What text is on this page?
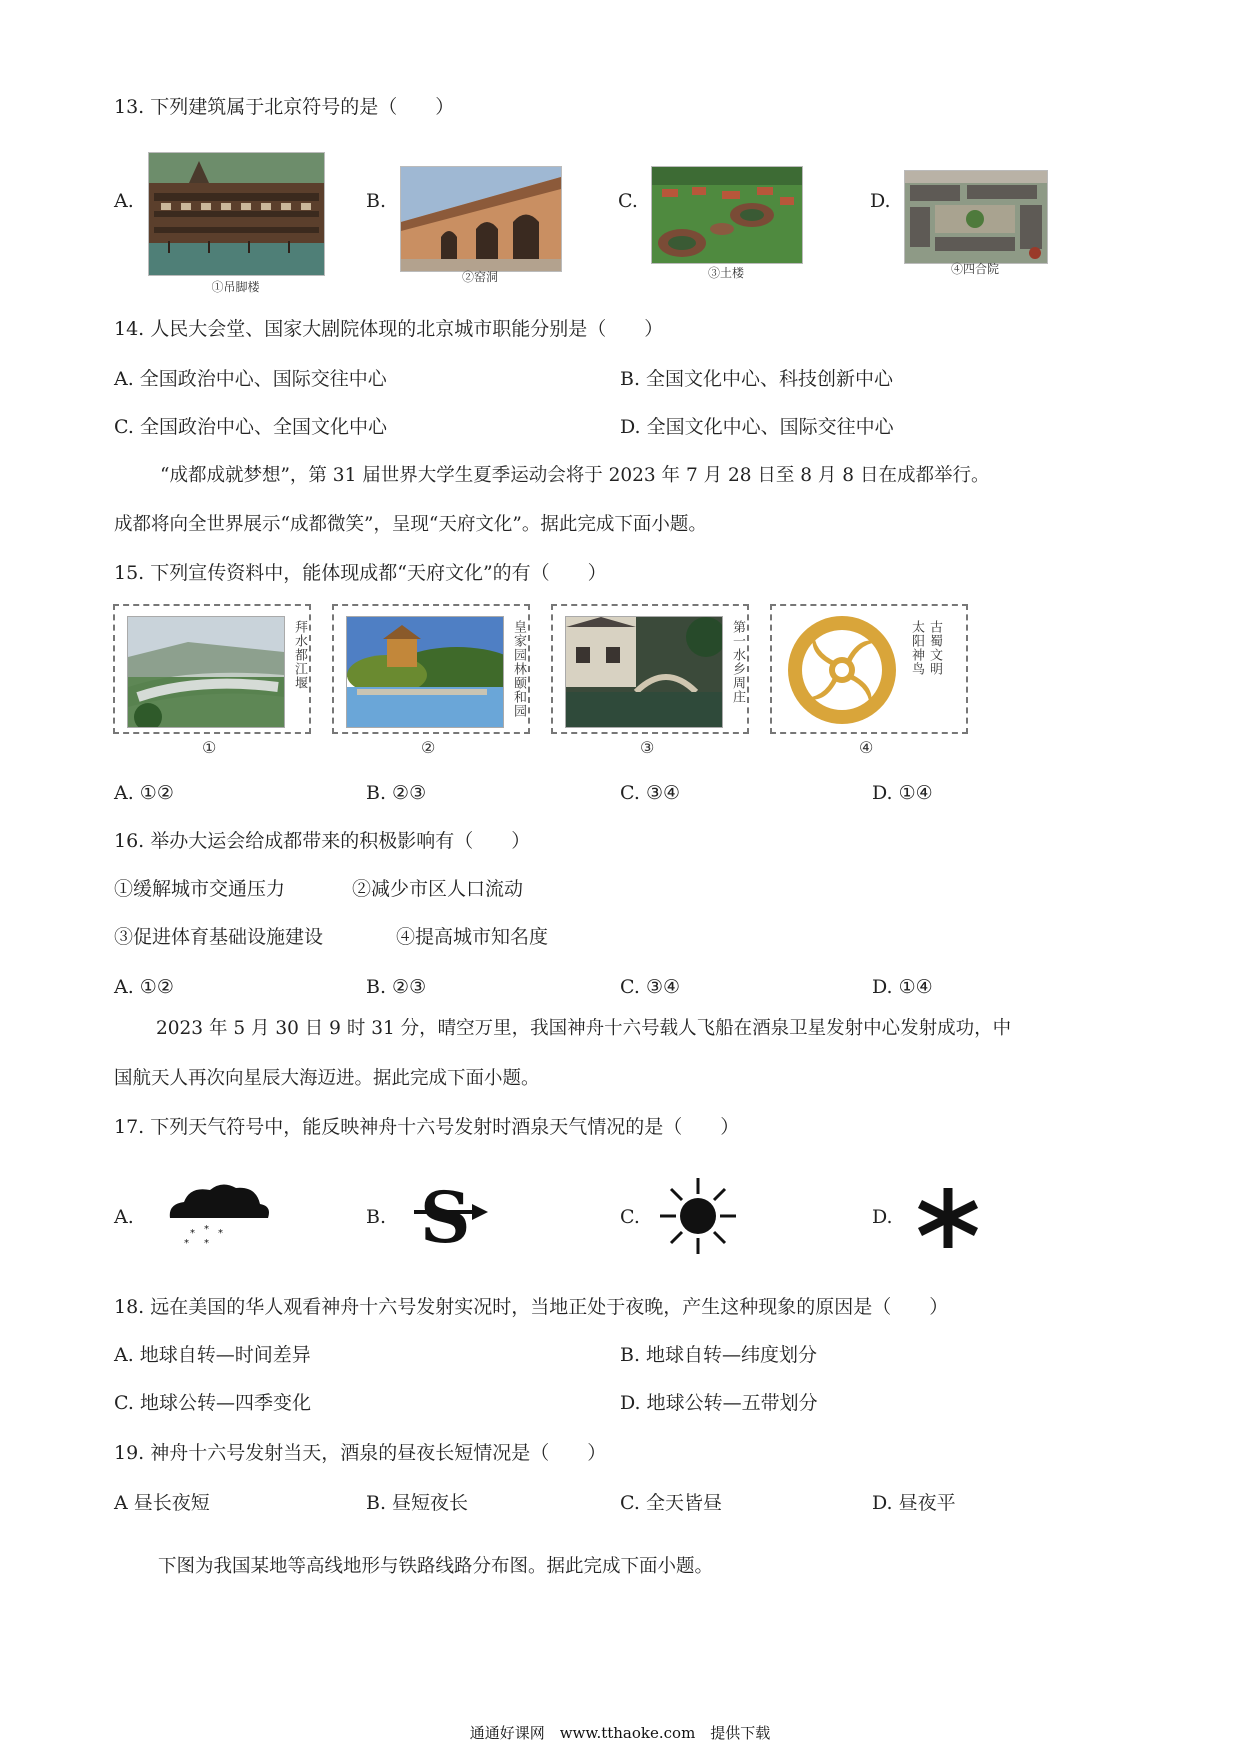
13. 下列建筑属于北京符号的是（　　）
A.
①吊脚楼
B.
②窑洞
C.
③土楼
D.
④四合院
14. 人民大会堂、国家大剧院体现的北京城市职能分别是（　　）
A. 全国政治中心、国际交往中心	B. 全国文化中心、科技创新中心
C. 全国政治中心、全国文化中心	D. 全国文化中心、国际交往中心
“成都成就梦想”，第 31 届世界大学生夏季运动会将于 2023 年 7 月 28 日至 8 月 8 日在成都举行。
成都将向全世界展示“成都微笑”，呈现“天府文化”。据此完成下面小题。
15. 下列宣传资料中，能体现成都“天府文化”的有（　　）
拜水都江堰
①
皇家园林颐和园
②
第一水乡周庄
③
古蜀文明
太阳神鸟
④
A. ①②	B. ②③	C. ③④	D. ①④
16. 举办大运会给成都带来的积极影响有（　　）
①缓解城市交通压力	②减少市区人口流动
③促进体育基础设施建设	④提高城市知名度
A. ①②	B. ②③	C. ③④	D. ①④
2023 年 5 月 30 日 9 时 31 分，晴空万里，我国神舟十六号载人飞船在酒泉卫星发射中心发射成功，中
国航天人再次向星辰大海迈进。据此完成下面小题。
17. 下列天气符号中，能反映神舟十六号发射时酒泉天气情况的是（　　）
A.
* * *
* *
B. S	C.	D.
18. 远在美国的华人观看神舟十六号发射实况时，当地正处于夜晚，产生这种现象的原因是（　　）
A. 地球自转—时间差异	B. 地球自转—纬度划分
C. 地球公转—四季变化	D. 地球公转—五带划分
19. 神舟十六号发射当天，酒泉的昼夜长短情况是（　　）
A 昼长夜短	B. 昼短夜长	C. 全天皆昼	D. 昼夜平
下图为我国某地等高线地形与铁路线路分布图。据此完成下面小题。
通通好课网　www.tthaoke.com　提供下载
